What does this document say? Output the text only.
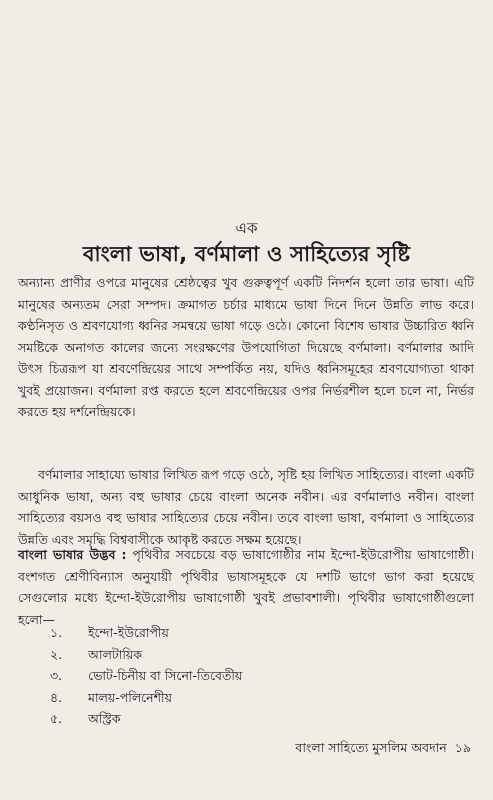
এক
বাংলা ভাষা, বর্ণমালা ও সাহিত্যের সৃষ্টি

অন্যান্য প্রাণীর ওপরে মানুষের শ্রেষ্ঠত্বের খুব গুরুত্বপূর্ণ একটি নিদর্শন হলো তার ভাষা। এটি মানুষের অন্যতম সেরা সম্পদ। ক্রমাগত চর্চার মাধ্যমে ভাষা দিনে দিনে উন্নতি লাভ করে। কণ্ঠনিসৃত ও শ্রবণযোগ্য ধ্বনির সমন্বয়ে ভাষা গড়ে ওঠে। কোনো বিশেষ ভাষার উচ্চারিত ধ্বনি সমষ্টিকে অনাগত কালের জন্যে সংরক্ষণের উপযোগিতা দিয়েছে বর্ণমালা। বর্ণমালার আদি উৎস চিত্ররূপ যা শ্রবণেন্দ্রিয়ের সাথে সম্পর্কিত নয়, যদিও ধ্বনিসমূহের শ্রবণযোগ্যতা থাকা খুবই প্রয়োজন। বর্ণমালা রপ্ত করতে হলে শ্রবণেন্দ্রিয়ের ওপর নির্ভরশীল হলে চলে না, নির্ভর করতে হয় দর্শনেন্দ্রিয়কে।

বর্ণমালার সাহায্যে ভাষার লিখিত রূপ গড়ে ওঠে, সৃষ্টি হয় লিখিত সাহিত্যের। বাংলা একটি আধুনিক ভাষা, অন্য বহু ভাষার চেয়ে বাংলা অনেক নবীন। এর বর্ণমালাও নবীন। বাংলা সাহিত্যের বয়সও বহু ভাষার সাহিত্যের চেয়ে নবীন। তবে বাংলা ভাষা, বর্ণমালা ও সাহিত্যের উন্নতি এবং সমৃদ্ধি বিশ্ববাসীকে আকৃষ্ট করতে সক্ষম হয়েছে।

বাংলা ভাষার উদ্ভব : পৃথিবীর সবচেয়ে বড় ভাষাগোষ্ঠীর নাম ইন্দো-ইউরোপীয় ভাষাগোষ্ঠী। বংশগত শ্রেণীবিন্যাস অনুযায়ী পৃথিবীর ভাষাসমূহকে যে দশটি ভাগে ভাগ করা হয়েছে সেগুলোর মধ্যে ইন্দো-ইউরোপীয় ভাষাগোষ্ঠী খুবই প্রভাবশালী। পৃথিবীর ভাষাগোষ্ঠীগুলো হলো—

১.	ইন্দো-ইউরোপীয়
২.	আলটায়িক
৩.	ভোট-চিনীয় বা সিনো-তিবেতীয়
৪.	মালয়-পলিনেশীয়
৫.	অস্ট্রিক
বাংলা সাহিত্যে মুসলিম অবদান ১৯
